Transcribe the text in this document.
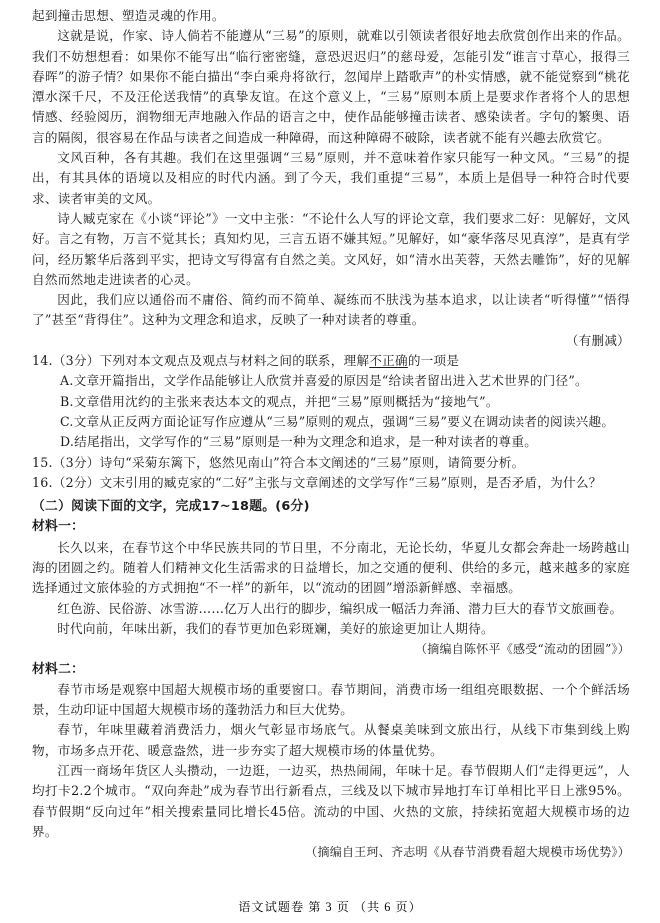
起到撞击思想、塑造灵魂的作用。

这就是说，作家、诗人倘若不能遵从“三易”的原则，就难以引领读者很好地去欣赏创作出来的作品。我们不妨想想看：如果你不能写出“临行密密缝，意恐迟迟归”的慈母爱，怎能引发“谁言寸草心，报得三春晖”的游子情？如果你不能白描出“李白乘舟将欲行，忽闻岸上踏歌声”的朴实情感，就不能觉察到“桃花潭水深千尺，不及汪伦送我情”的真挚友谊。在这个意义上，“三易”原则本质上是要求作者将个人的思想情感、经验阅历，润物细无声地融入作品的语言之中，使作品能够撞击读者、感染读者。字句的繁奥、语言的隔阂，很容易在作品与读者之间造成一种障碍，而这种障碍不破除，读者就不能有兴趣去欣赏它。

文风百种，各有其趣。我们在这里强调“三易”原则，并不意味着作家只能写一种文风。“三易”的提出，有其具体的语境以及相应的时代内涵。到了今天，我们重提“三易”，本质上是倡导一种符合时代要求、读者审美的文风。

诗人臧克家在《小谈“评论”》一文中主张：“不论什么人写的评论文章，我们要求二好：见解好，文风好。言之有物，万言不觉其长；真知灼见，三言五语不嫌其短。”见解好，如“豪华落尽见真淳”，是真有学问，经历繁华后落到平实，把诗文写得富有自然之美。文风好，如“清水出芙蓉，天然去雕饰”，好的见解自然而然地走进读者的心灵。

因此，我们应以通俗而不庸俗、简约而不简单、凝练而不肤浅为基本追求，以让读者“听得懂”“悟得了”甚至“背得住”。这种为文理念和追求，反映了一种对读者的尊重。

（有删减）

14.（3分）下列对本文观点及观点与材料之间的联系，理解不正确的一项是

A.文章开篇指出，文学作品能够让人欣赏并喜爱的原因是“给读者留出进入艺术世界的门径”。

B.文章借用沈约的主张来表达本文的观点，并把“三易”原则概括为“接地气”。

C.文章从正反两方面论证写作应遵从“三易”原则的观点，强调“三易”要义在调动读者的阅读兴趣。

D.结尾指出，文学写作的“三易”原则是一种为文理念和追求，是一种对读者的尊重。

15.（3分）诗句“采菊东篱下，悠然见南山”符合本文阐述的“三易”原则，请简要分析。

16.（2分）文末引用的臧克家的“二好”主张与文章阐述的文学写作“三易”原则，是否矛盾，为什么？

（二）阅读下面的文字，完成17~18题。(6分)

材料一：

长久以来，在春节这个中华民族共同的节日里，不分南北，无论长幼，华夏儿女都会奔赴一场跨越山海的团圆之约。随着人们精神文化生活需求的日益增长，加之交通的便利、供给的多元，越来越多的家庭选择通过文旅体验的方式拥抱“不一样”的新年，以“流动的团圆”增添新鲜感、幸福感。

红色游、民俗游、冰雪游……亿万人出行的脚步，编织成一幅活力奔涌、潜力巨大的春节文旅画卷。

时代向前，年味出新，我们的春节更加色彩斑斓，美好的旅途更加让人期待。

（摘编自陈怀平《感受“流动的团圆”》）

材料二：

春节市场是观察中国超大规模市场的重要窗口。春节期间，消费市场一组组亮眼数据、一个个鲜活场景，生动印证中国超大规模市场的蓬勃活力和巨大优势。

春节，年味里藏着消费活力，烟火气彰显市场底气。从餐桌美味到文旅出行，从线下市集到线上购物，市场多点开花、暖意盎然，进一步夯实了超大规模市场的体量优势。

江西一商场年货区人头攒动，一边逛，一边买，热热闹闹，年味十足。春节假期人们“走得更远”，人均打卡2.2个城市。“双向奔赴”成为春节出行新看点，三线及以下城市异地打车订单相比平日上涨95%。春节假期“反向过年”相关搜索量同比增长45倍。流动的中国、火热的文旅，持续拓宽超大规模市场的边界。

（摘编自王珂、齐志明《从春节消费看超大规模市场优势》）

语文试题卷 第 3 页 （共 6 页）
